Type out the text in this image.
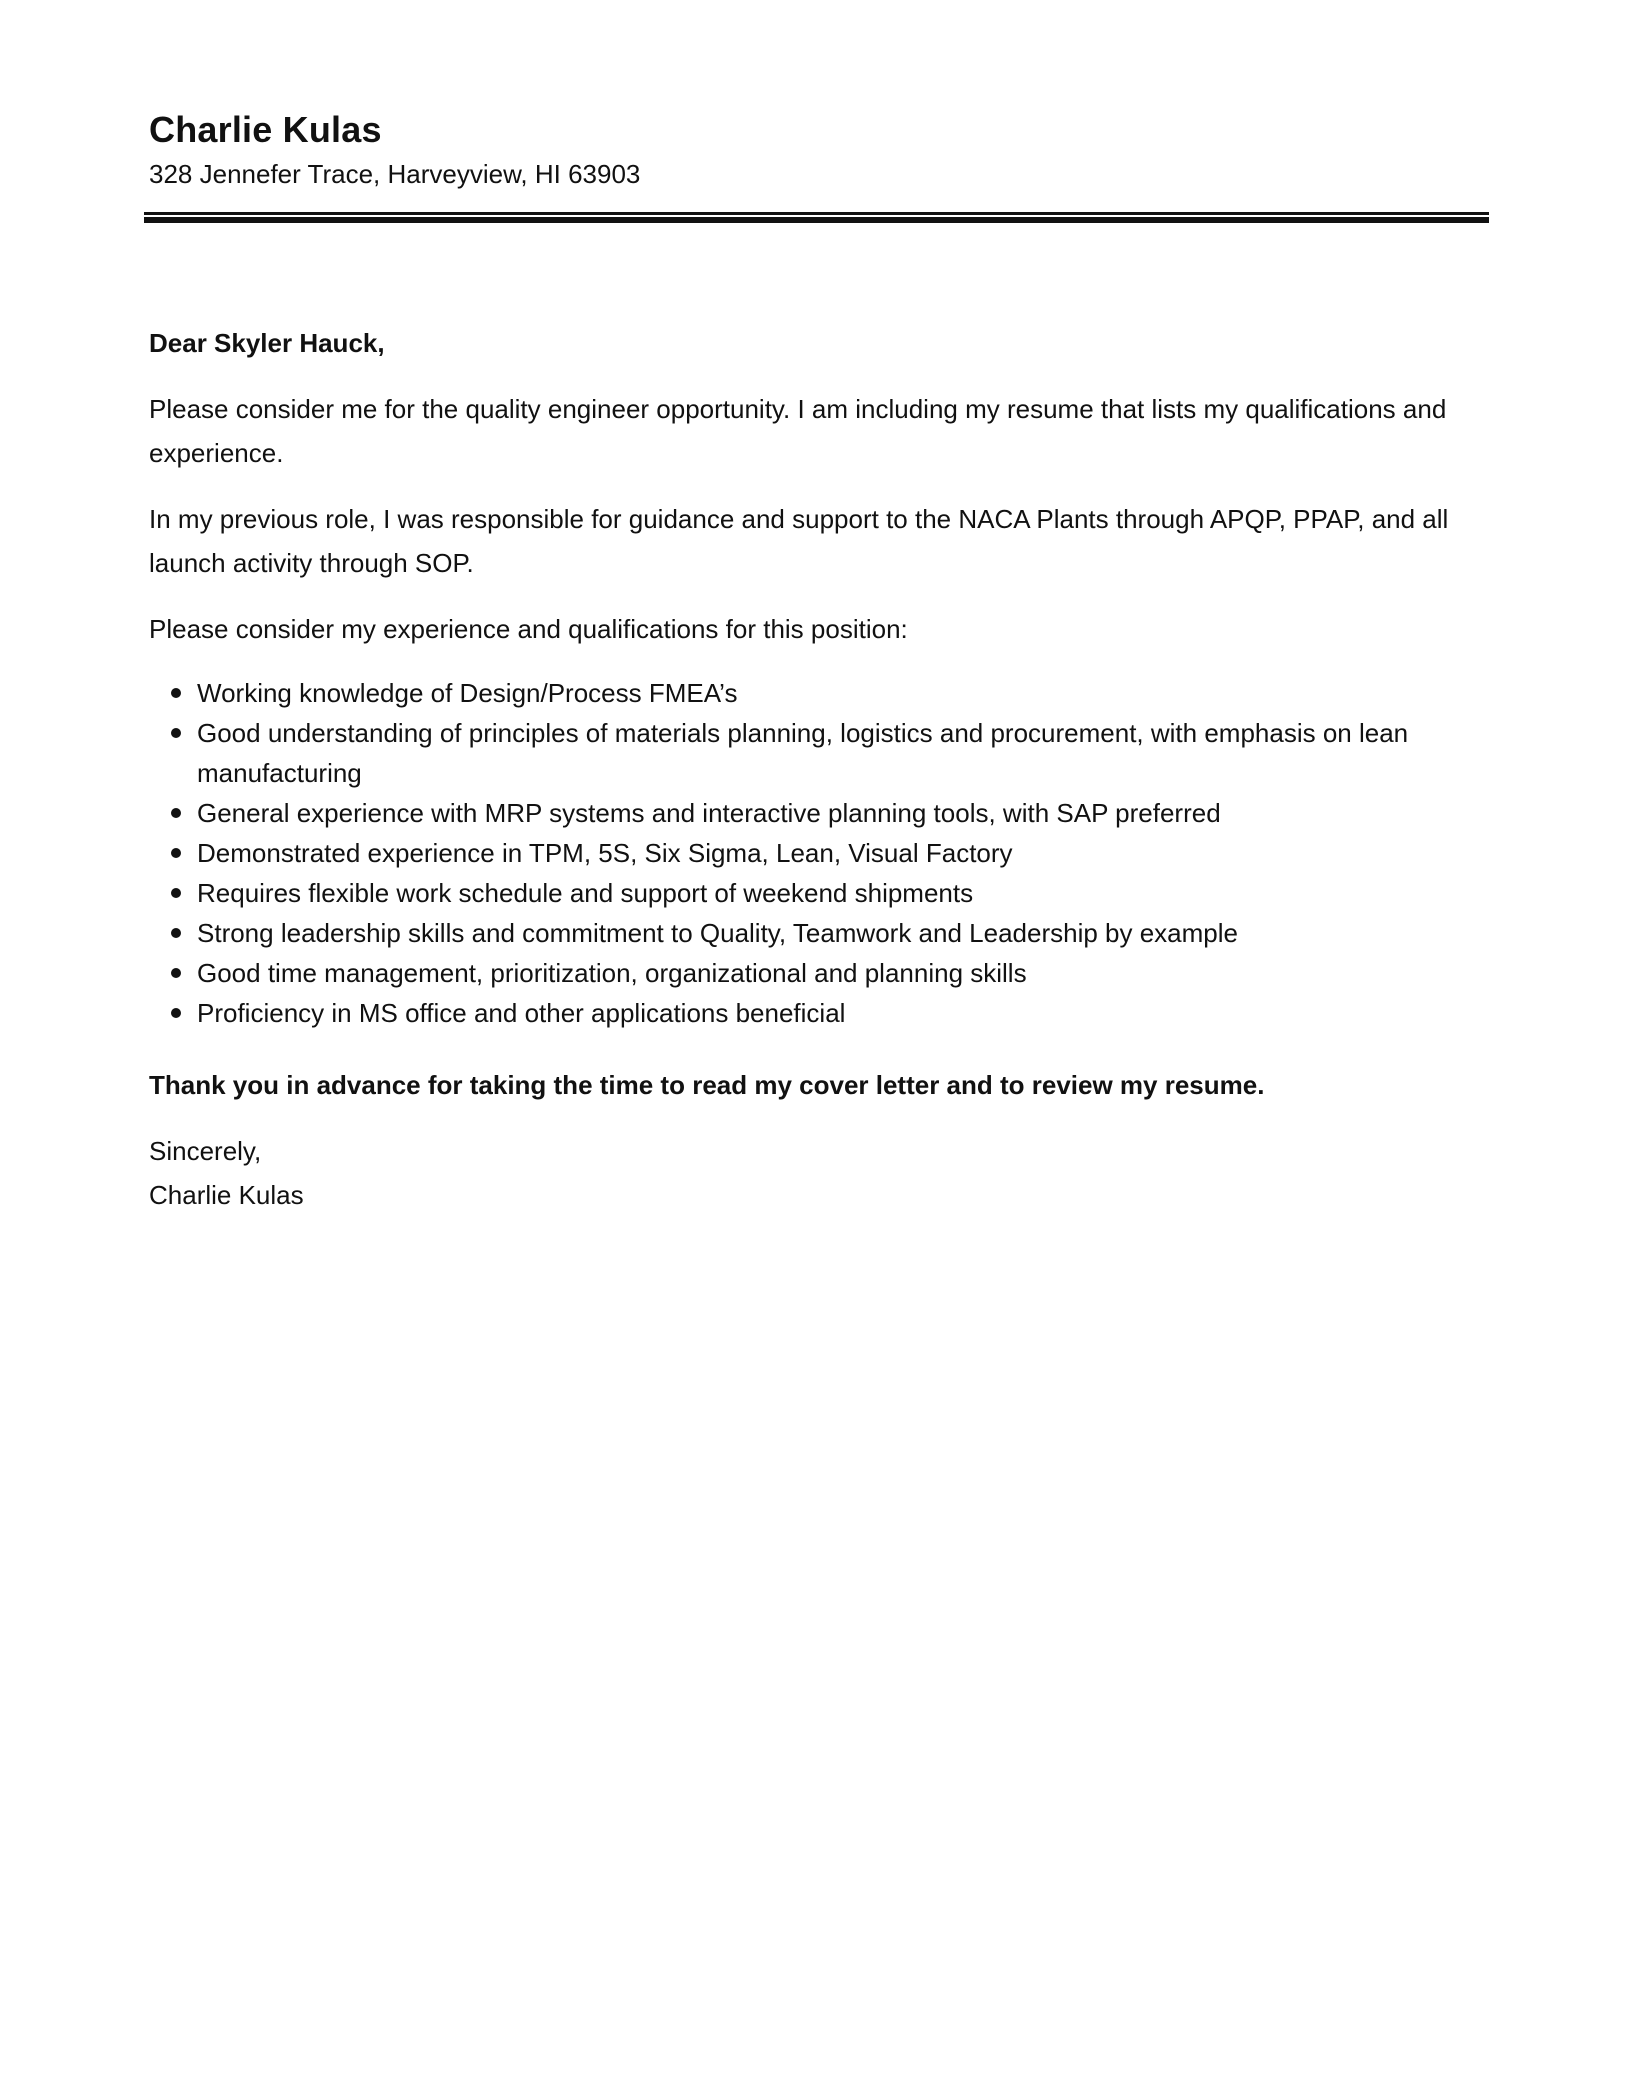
Charlie Kulas
328 Jennefer Trace, Harveyview, HI 63903

Dear Skyler Hauck,

Please consider me for the quality engineer opportunity. I am including my resume that lists my qualifications and experience.

In my previous role, I was responsible for guidance and support to the NACA Plants through APQP, PPAP, and all launch activity through SOP.

Please consider my experience and qualifications for this position:

Working knowledge of Design/Process FMEA’s
Good understanding of principles of materials planning, logistics and procurement, with emphasis on lean manufacturing
General experience with MRP systems and interactive planning tools, with SAP preferred
Demonstrated experience in TPM, 5S, Six Sigma, Lean, Visual Factory
Requires flexible work schedule and support of weekend shipments
Strong leadership skills and commitment to Quality, Teamwork and Leadership by example
Good time management, prioritization, organizational and planning skills
Proficiency in MS office and other applications beneficial

Thank you in advance for taking the time to read my cover letter and to review my resume.

Sincerely,

Charlie Kulas
